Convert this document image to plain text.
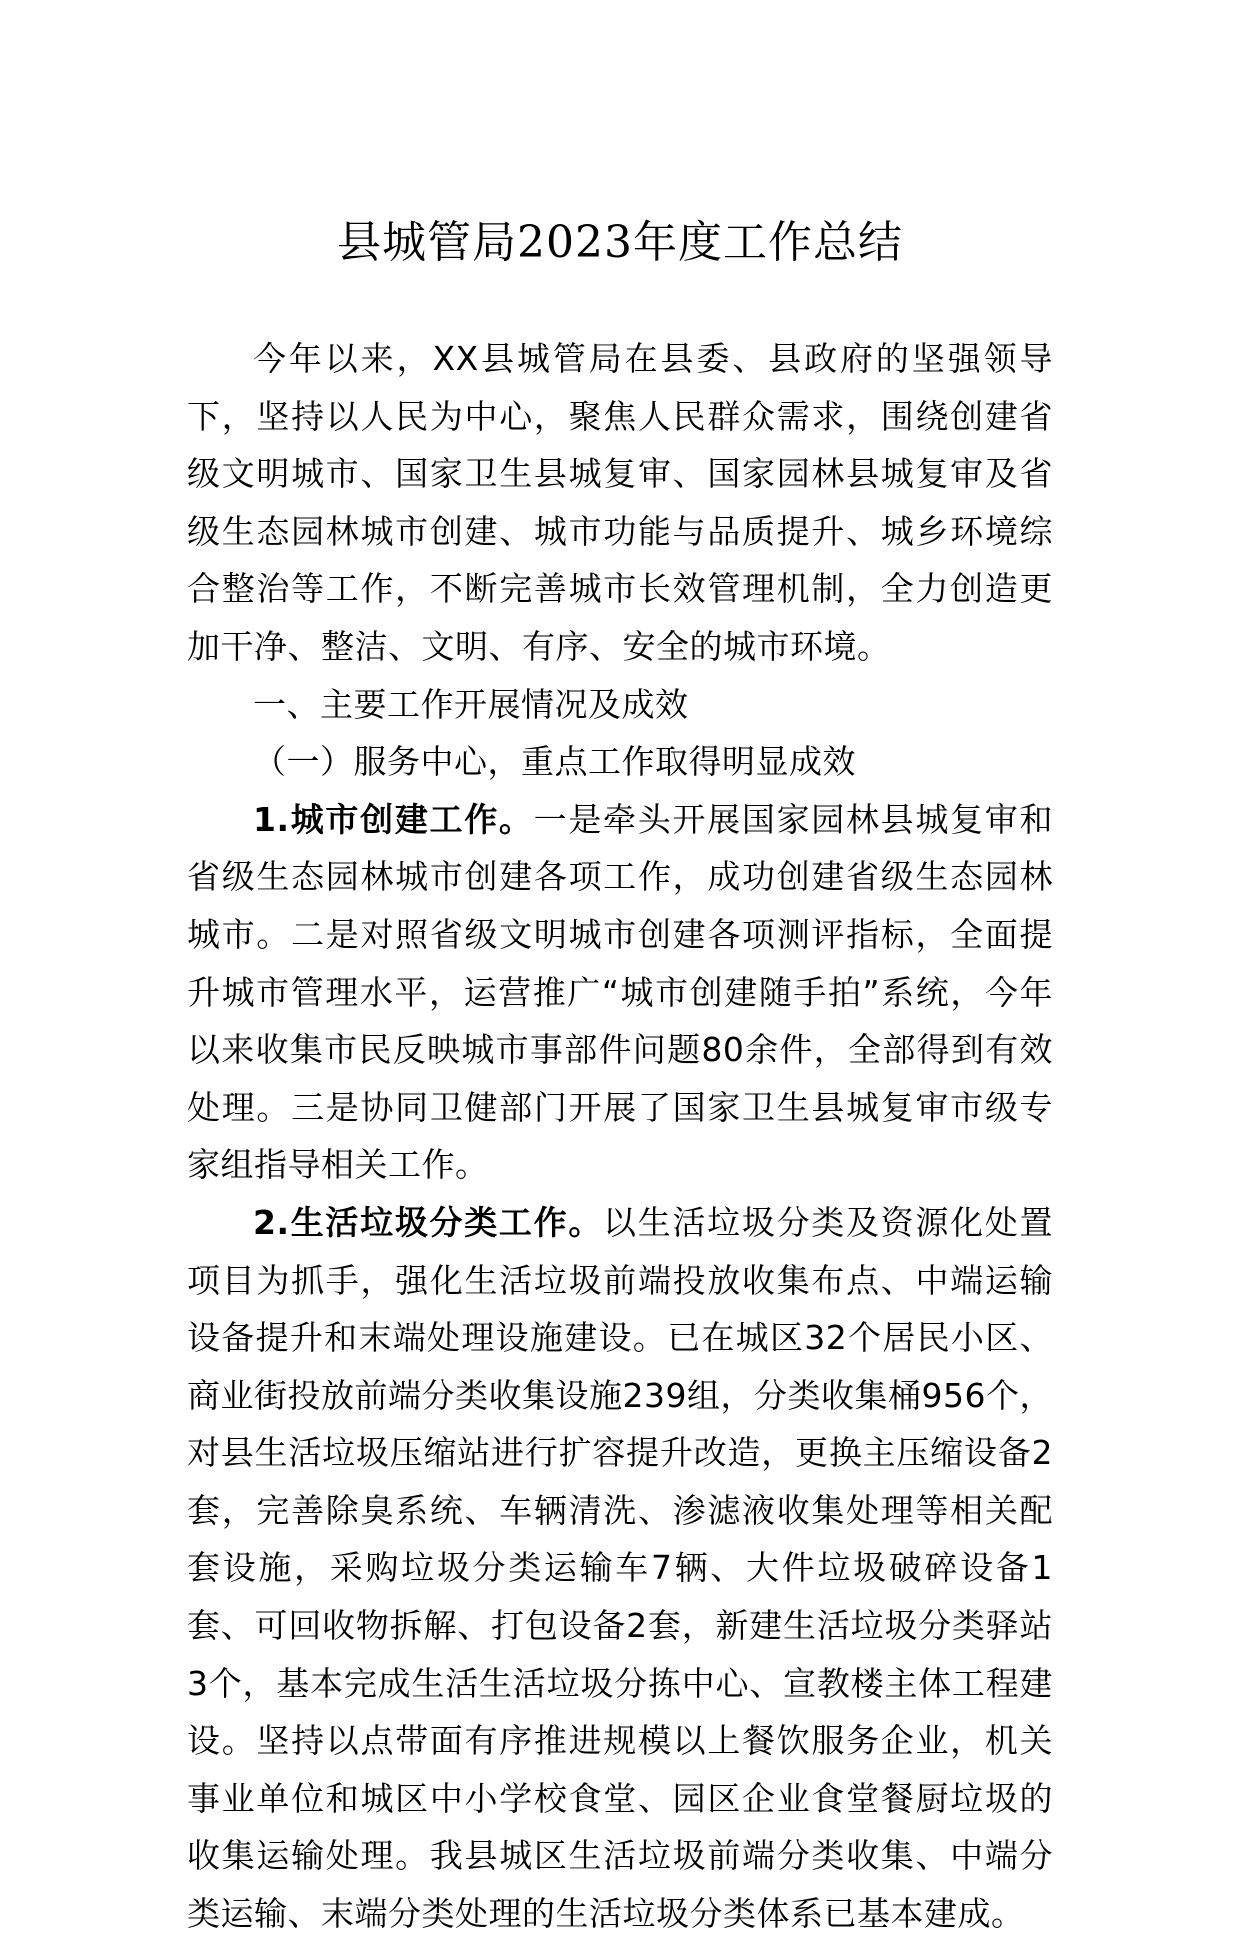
县城管局2023年度工作总结

今年以来，XX县城管局在县委、县政府的坚强领导下，坚持以人民为中心，聚焦人民群众需求，围绕创建省级文明城市、国家卫生县城复审、国家园林县城复审及省级生态园林城市创建、城市功能与品质提升、城乡环境综合整治等工作，不断完善城市长效管理机制，全力创造更加干净、整洁、文明、有序、安全的城市环境。

一、主要工作开展情况及成效

（一）服务中心，重点工作取得明显成效

1.城市创建工作。一是牵头开展国家园林县城复审和省级生态园林城市创建各项工作，成功创建省级生态园林城市。二是对照省级文明城市创建各项测评指标，全面提升城市管理水平，运营推广“城市创建随手拍”系统，今年以来收集市民反映城市事部件问题80余件，全部得到有效处理。三是协同卫健部门开展了国家卫生县城复审市级专家组指导相关工作。

2.生活垃圾分类工作。以生活垃圾分类及资源化处置项目为抓手，强化生活垃圾前端投放收集布点、中端运输设备提升和末端处理设施建设。已在城区32个居民小区、商业街投放前端分类收集设施239组，分类收集桶956个，对县生活垃圾压缩站进行扩容提升改造，更换主压缩设备2套，完善除臭系统、车辆清洗、渗滤液收集处理等相关配套设施，采购垃圾分类运输车7辆、大件垃圾破碎设备1套、可回收物拆解、打包设备2套，新建生活垃圾分类驿站3个，基本完成生活生活垃圾分拣中心、宣教楼主体工程建设。坚持以点带面有序推进规模以上餐饮服务企业，机关事业单位和城区中小学校食堂、园区企业食堂餐厨垃圾的收集运输处理。我县城区生活垃圾前端分类收集、中端分类运输、末端分类处理的生活垃圾分类体系已基本建成。
